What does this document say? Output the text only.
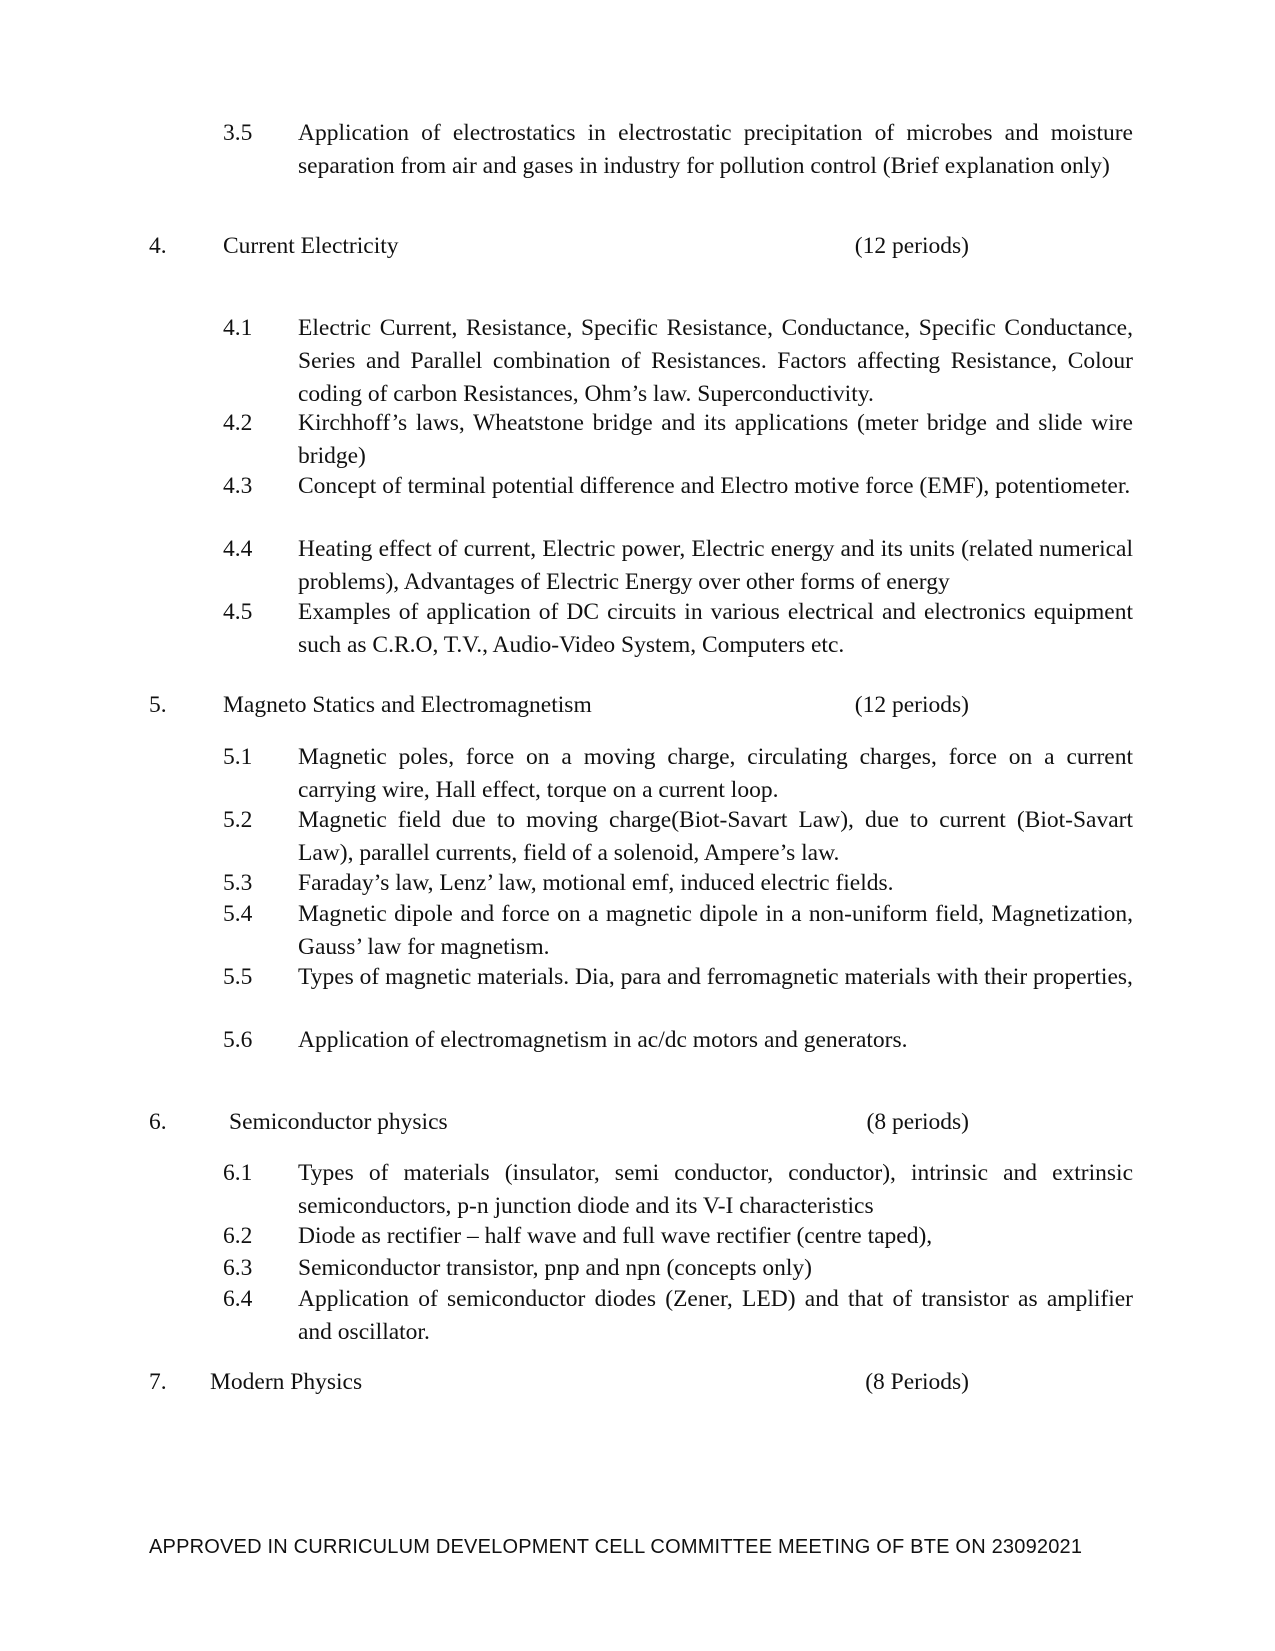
3.5	Application of electrostatics in electrostatic precipitation of microbes and moisture separation from air and gases in industry for pollution control (Brief explanation only)
4. Current Electricity	(12 periods)
4.1	Electric Current, Resistance, Specific Resistance, Conductance, Specific Conductance, Series and Parallel combination of Resistances. Factors affecting Resistance, Colour coding of carbon Resistances, Ohm’s law. Superconductivity.
4.2	Kirchhoff’s laws, Wheatstone bridge and its applications (meter bridge and slide wire bridge)
4.3	Concept of terminal potential difference and Electro motive force (EMF), potentiometer.
4.4	Heating effect of current, Electric power, Electric energy and its units (related numerical problems), Advantages of Electric Energy over other forms of energy
4.5	Examples of application of DC circuits in various electrical and electronics equipment such as C.R.O, T.V., Audio-Video System, Computers etc.
5. Magneto Statics and Electromagnetism	(12 periods)
5.1	Magnetic poles, force on a moving charge, circulating charges, force on a current carrying wire, Hall effect, torque on a current loop.
5.2	Magnetic field due to moving charge(Biot-Savart Law), due to current (Biot-Savart Law), parallel currents, field of a solenoid, Ampere’s law.
5.3	Faraday’s law, Lenz’ law, motional emf, induced electric fields.
5.4	Magnetic dipole and force on a magnetic dipole in a non-uniform field, Magnetization, Gauss’ law for magnetism.
5.5	Types of magnetic materials. Dia, para and ferromagnetic materials with their properties,
5.6	Application of electromagnetism in ac/dc motors and generators.
6.	Semiconductor physics	(8 periods)
6.1	Types of materials (insulator, semi conductor, conductor), intrinsic and extrinsic semiconductors, p-n junction diode and its V-I characteristics
6.2	Diode as rectifier – half wave and full wave rectifier (centre taped),
6.3	Semiconductor transistor, pnp and npn (concepts only)
6.4	Application of semiconductor diodes (Zener, LED) and that of transistor as amplifier and oscillator.
7. Modern Physics	(8 Periods)
APPROVED IN CURRICULUM DEVELOPMENT CELL COMMITTEE MEETING OF BTE ON 23092021
